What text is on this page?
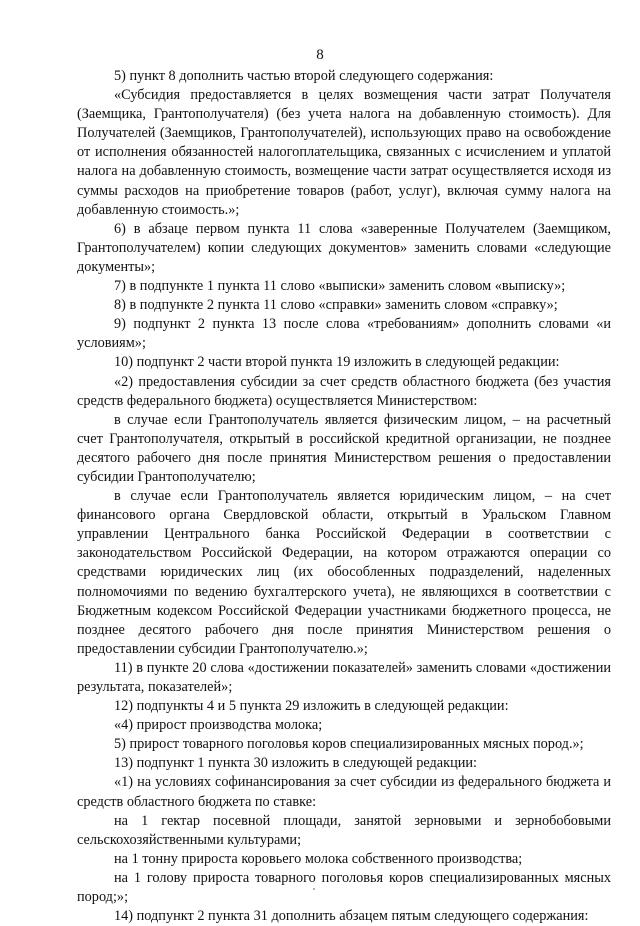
8

5) пункт 8 дополнить частью второй следующего содержания:

«Субсидия предоставляется в целях возмещения части затрат Получателя (Заемщика, Грантополучателя) (без учета налога на добавленную стоимость). Для Получателей (Заемщиков, Грантополучателей), использующих право на освобождение от исполнения обязанностей налогоплательщика, связанных с исчислением и уплатой налога на добавленную стоимость, возмещение части затрат осуществляется исходя из суммы расходов на приобретение товаров (работ, услуг), включая сумму налога на добавленную стоимость.»;

6) в абзаце первом пункта 11 слова «заверенные Получателем (Заемщиком, Грантополучателем) копии следующих документов» заменить словами «следующие документы»;

7) в подпункте 1 пункта 11 слово «выписки» заменить словом «выписку»;

8) в подпункте 2 пункта 11 слово «справки» заменить словом «справку»;

9) подпункт 2 пункта 13 после слова «требованиям» дополнить словами «и условиям»;

10) подпункт 2 части второй пункта 19 изложить в следующей редакции:

«2) предоставления субсидии за счет средств областного бюджета (без участия средств федерального бюджета) осуществляется Министерством:

в случае если Грантополучатель является физическим лицом, – на расчетный счет Грантополучателя, открытый в российской кредитной организации, не позднее десятого рабочего дня после принятия Министерством решения о предоставлении субсидии Грантополучателю;

в случае если Грантополучатель является юридическим лицом, – на счет финансового органа Свердловской области, открытый в Уральском Главном управлении Центрального банка Российской Федерации в соответствии с законодательством Российской Федерации, на котором отражаются операции со средствами юридических лиц (их обособленных подразделений, наделенных полномочиями по ведению бухгалтерского учета), не являющихся в соответствии с Бюджетным кодексом Российской Федерации участниками бюджетного процесса, не позднее десятого рабочего дня после принятия Министерством решения о предоставлении субсидии Грантополучателю.»;

11) в пункте 20 слова «достижении показателей» заменить словами «достижении результата, показателей»;

12) подпункты 4 и 5 пункта 29 изложить в следующей редакции:

«4) прирост производства молока;

5) прирост товарного поголовья коров специализированных мясных пород.»;

13) подпункт 1 пункта 30 изложить в следующей редакции:

«1) на условиях софинансирования за счет субсидии из федерального бюджета и средств областного бюджета по ставке:

на 1 гектар посевной площади, занятой зерновыми и зернобобовыми сельскохозяйственными культурами;

на 1 тонну прироста коровьего молока собственного производства;

на 1 голову прироста товарного поголовья коров специализированных мясных пород;»;

14) подпункт 2 пункта 31 дополнить абзацем пятым следующего содержания:
